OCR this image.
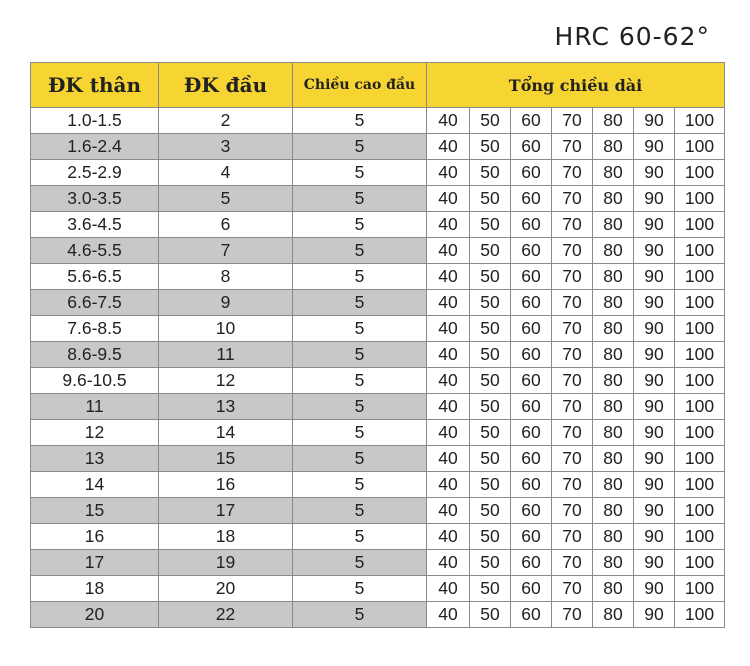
HRC 60-62°
ĐK thân	ĐK đầu	Chiều cao đầu	Tổng chiều dài						
1.0-1.5	2	5	40	50	60	70	80	90	100
1.6-2.4	3	5	40	50	60	70	80	90	100
2.5-2.9	4	5	40	50	60	70	80	90	100
3.0-3.5	5	5	40	50	60	70	80	90	100
3.6-4.5	6	5	40	50	60	70	80	90	100
4.6-5.5	7	5	40	50	60	70	80	90	100
5.6-6.5	8	5	40	50	60	70	80	90	100
6.6-7.5	9	5	40	50	60	70	80	90	100
7.6-8.5	10	5	40	50	60	70	80	90	100
8.6-9.5	11	5	40	50	60	70	80	90	100
9.6-10.5	12	5	40	50	60	70	80	90	100
11	13	5	40	50	60	70	80	90	100
12	14	5	40	50	60	70	80	90	100
13	15	5	40	50	60	70	80	90	100
14	16	5	40	50	60	70	80	90	100
15	17	5	40	50	60	70	80	90	100
16	18	5	40	50	60	70	80	90	100
17	19	5	40	50	60	70	80	90	100
18	20	5	40	50	60	70	80	90	100
20	22	5	40	50	60	70	80	90	100
